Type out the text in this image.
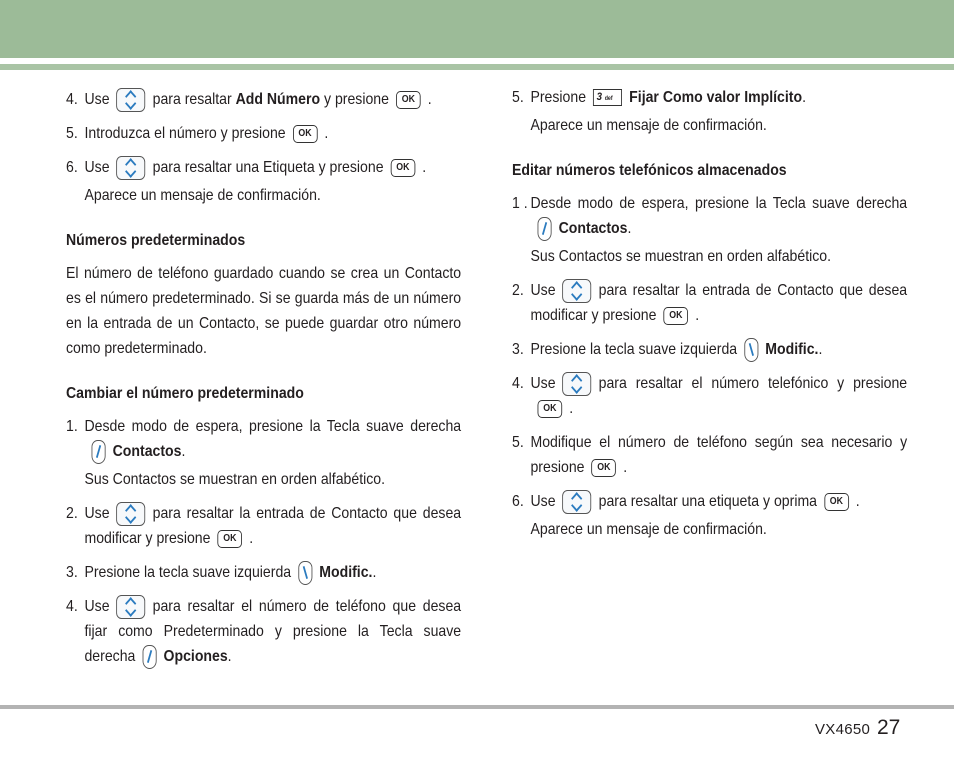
4. Use	para resaltar Add Número y presione OK .
5. Introduzca el número y presione OK .
6. Use	para resaltar una Etiqueta y presione OK .
Aparece un mensaje de confirmación.
Números predeterminados
El número de teléfono guardado cuando se crea un Contacto es el número predeterminado. Si se guarda más de un número en la entrada de un Contacto, se puede guardar otro número como predeterminado.
Cambiar el número predeterminado
1. Desde modo de espera, presione la Tecla suave derechaContactos.
Sus Contactos se muestran en orden alfabético.
2. Use	para resaltar la entrada de Contacto que desea modificar y presione OK .
3. Presione la tecla suave izquierda Modific..
4. Use	para resaltar el número de teléfono que desea fijar como Predeterminado y presione la Tecla suave derecha Opciones.
5. Presione 3 def Fijar Como valor Implícito.
Aparece un mensaje de confirmación.
Editar números telefónicos almacenados
1 . Desde modo de espera, presione la Tecla suave derechaContactos.
Sus Contactos se muestran en orden alfabético.
2. Use	para resaltar la entrada de Contacto que desea modificar y presione OK .
3. Presione la tecla suave izquierda Modific..
4. Use	para resaltar el número telefónico y presioneOK .
5. Modifique el número de teléfono según sea necesario y presione OK .
6. Use	para resaltar una etiqueta y oprima OK .
Aparece un mensaje de confirmación.
VX4650 27
